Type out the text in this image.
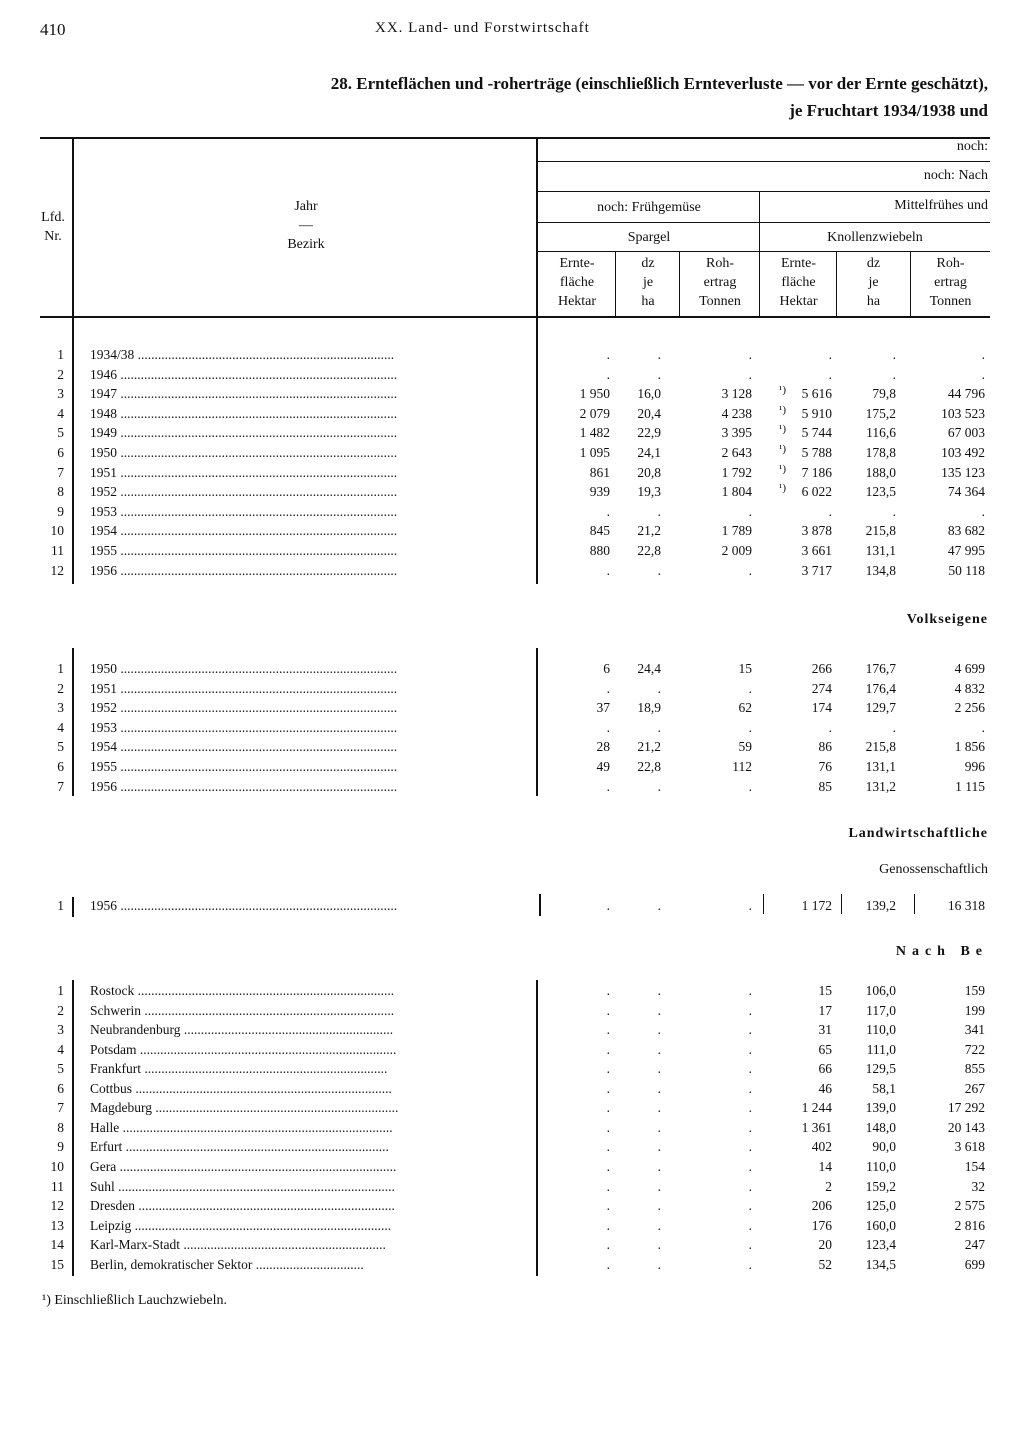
410	XX. Land- und Forstwirtschaft
28. Ernteflächen und -roherträge (einschließlich Ernteverluste — vor der Ernte geschätzt),
je Fruchtart 1934/1938 und
Lfd.
Nr.
Jahr
—
Bezirk
noch:
noch: Nach
noch: Frühgemüse	Mittelfrühes und
Spargel	Knollenzwiebeln
Ernte-
fläche
Hektar
dz
je
ha
Roh-
ertrag
Tonnen
Ernte-
fläche
Hektar
dz
je
ha
Roh-
ertrag
Tonnen
Volkseigene
Landwirtschaftliche
Genossenschaftlich
Nach Be
1 1934/38 ............................................................................	.	.	.	.	.	.
2 1946 ..................................................................................	.	.	.	.	.	.
3 1947 ..................................................................................	1 950	16,0	3 128	¹)	5 616	79,8	44 796
4 1948 ..................................................................................	2 079	20,4	4 238	¹)	5 910	175,2	103 523
5 1949 ..................................................................................	1 482	22,9	3 395	¹)	5 744	116,6	67 003
6 1950 ..................................................................................	1 095	24,1	2 643	¹)	5 788	178,8	103 492
7 1951 ..................................................................................	861	20,8	1 792	¹)	7 186	188,0	135 123
8 1952 ..................................................................................	939	19,3	1 804	¹)	6 022	123,5	74 364
9 1953 ..................................................................................	.	.	.	.	.	.
10 1954 ..................................................................................	845	21,2	1 789	3 878	215,8	83 682
11 1955 ..................................................................................	880	22,8	2 009	3 661	131,1	47 995
12 1956 ..................................................................................	.	.	.	3 717	134,8	50 118
1 1950 ..................................................................................	6	24,4	15	266	176,7	4 699
2 1951 ..................................................................................	.	.	.	274	176,4	4 832
3 1952 ..................................................................................	37	18,9	62	174	129,7	2 256
4 1953 ..................................................................................	.	.	.	.	.	.
5 1954 ..................................................................................	28	21,2	59	86	215,8	1 856
6 1955 ..................................................................................	49	22,8	112	76	131,1	996
7 1956 ..................................................................................	.	.	.	85	131,2	1 115
1 1956 ..................................................................................	.	.	.	1 172	139,2	16 318
1 Rostock ............................................................................	.	.	.	15	106,0	159
2 Schwerin ..........................................................................	.	.	.	17	117,0	199
3 Neubrandenburg ..............................................................	.	.	.	31	110,0	341
4 Potsdam ............................................................................	.	.	.	65	111,0	722
5 Frankfurt ........................................................................	.	.	.	66	129,5	855
6 Cottbus ............................................................................	.	.	.	46	58,1	267
7 Magdeburg ........................................................................	.	.	.	1 244	139,0	17 292
8 Halle ................................................................................	.	.	.	1 361	148,0	20 143
9 Erfurt ..............................................................................	.	.	.	402	90,0	3 618
10 Gera ..................................................................................	.	.	.	14	110,0	154
11 Suhl ..................................................................................	.	.	.	2	159,2	32
12 Dresden ............................................................................	.	.	.	206	125,0	2 575
13 Leipzig ............................................................................	.	.	.	176	160,0	2 816
14 Karl-Marx-Stadt ............................................................	.	.	.	20	123,4	247
15 Berlin, demokratischer Sektor ................................	.	.	.	52	134,5	699
¹) Einschließlich Lauchzwiebeln.
